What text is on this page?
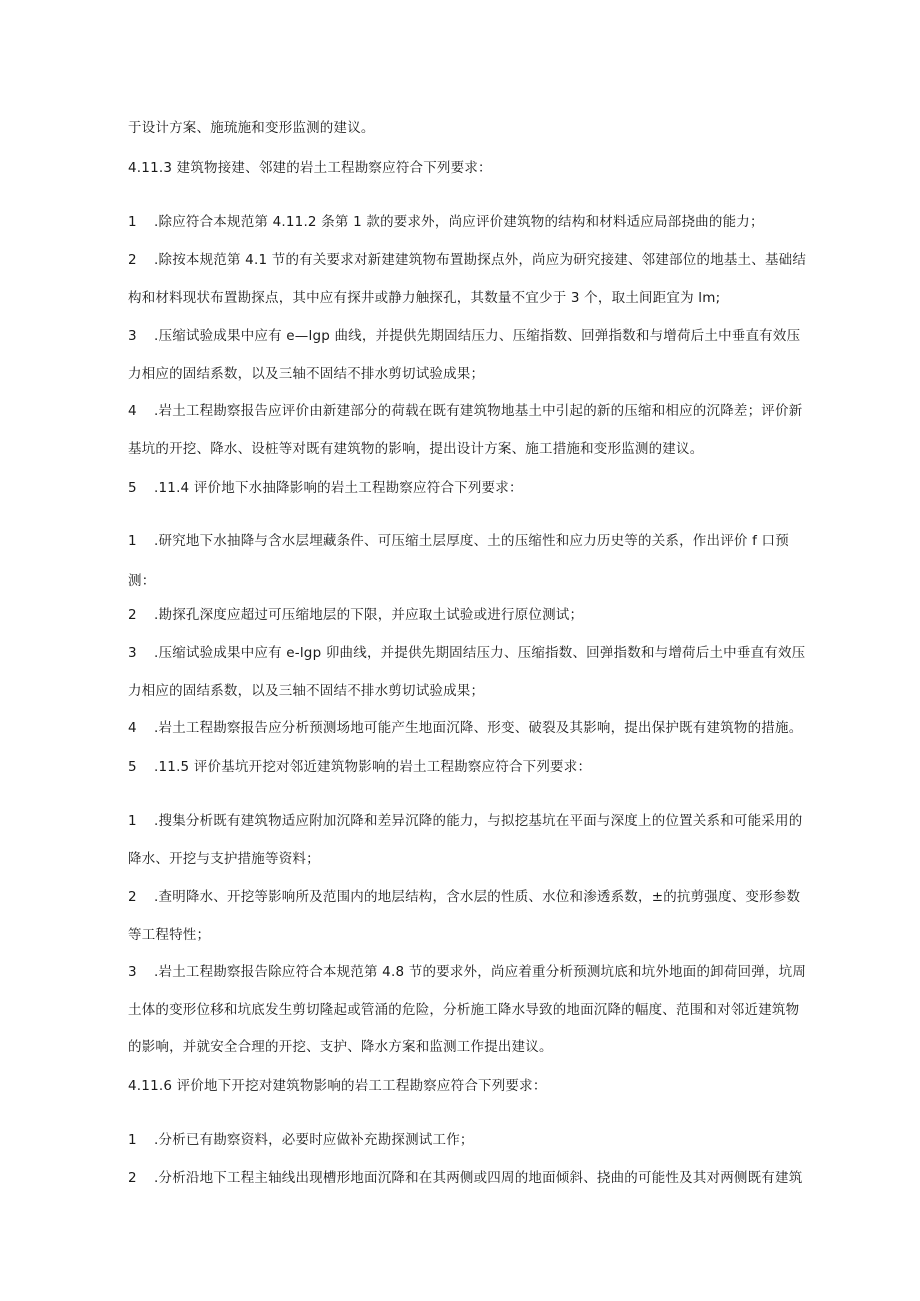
于设计方案、施琉施和变形监测的建议。
4.11.3 建筑物接建、邻建的岩土工程勘察应符合下列要求：
1 .除应符合本规范第 4.11.2 条第 1 款的要求外，尚应评价建筑物的结构和材料适应局部挠曲的能力；
2 .除按本规范第 4.1 节的有关要求对新建建筑物布置勘探点外，尚应为研究接建、邻建部位的地基土、基础结
构和材料现状布置勘探点，其中应有探井或静力触探孔，其数量不宜少于 3 个，取土间距宜为 lm;
3 .压缩试验成果中应有 e—lgp 曲线，并提供先期固结压力、压缩指数、回弹指数和与增荷后土中垂直有效压
力相应的固结系数，以及三轴不固结不排水剪切试验成果；
4 .岩土工程勘察报告应评价由新建部分的荷载在既有建筑物地基土中引起的新的压缩和相应的沉降差；评价新
基坑的开挖、降水、设桩等对既有建筑物的影响，提出设计方案、施工措施和变形监测的建议。
5 .11.4 评价地下水抽降影响的岩土工程勘察应符合下列要求：
1 .研究地下水抽降与含水层埋藏条件、可压缩土层厚度、土的压缩性和应力历史等的关系，作出评价 f 口预
测：
2 .勘探孔深度应超过可压缩地层的下限，并应取土试验或进行原位测试；
3 .压缩试验成果中应有 e-lgp 卯曲线，并提供先期固结压力、压缩指数、回弹指数和与增荷后土中垂直有效压
力相应的固结系数，以及三轴不固结不排水剪切试验成果；
4 .岩土工程勘察报告应分析预测场地可能产生地面沉降、形变、破裂及其影响，提出保护既有建筑物的措施。
5 .11.5 评价基坑开挖对邻近建筑物影响的岩土工程勘察应符合下列要求：
1 .搜集分析既有建筑物适应附加沉降和差异沉降的能力，与拟挖基坑在平面与深度上的位置关系和可能采用的
降水、开挖与支护措施等资料；
2 .查明降水、开挖等影响所及范围内的地层结构，含水层的性质、水位和渗透系数，±的抗剪强度、变形参数
等工程特性；
3 .岩土工程勘察报告除应符合本规范第 4.8 节的要求外，尚应着重分析预测坑底和坑外地面的卸荷回弹，坑周
土体的变形位移和坑底发生剪切隆起或管涌的危险，分析施工降水导致的地面沉降的幅度、范围和对邻近建筑物
的影响，并就安全合理的开挖、支护、降水方案和监测工作提出建议。
4.11.6 评价地下开挖对建筑物影响的岩工工程勘察应符合下列要求：
1 .分析已有勘察资料，必要时应做补充勘探测试工作；
2 .分析沿地下工程主轴线出现槽形地面沉降和在其两侧或四周的地面倾斜、挠曲的可能性及其对两侧既有建筑
